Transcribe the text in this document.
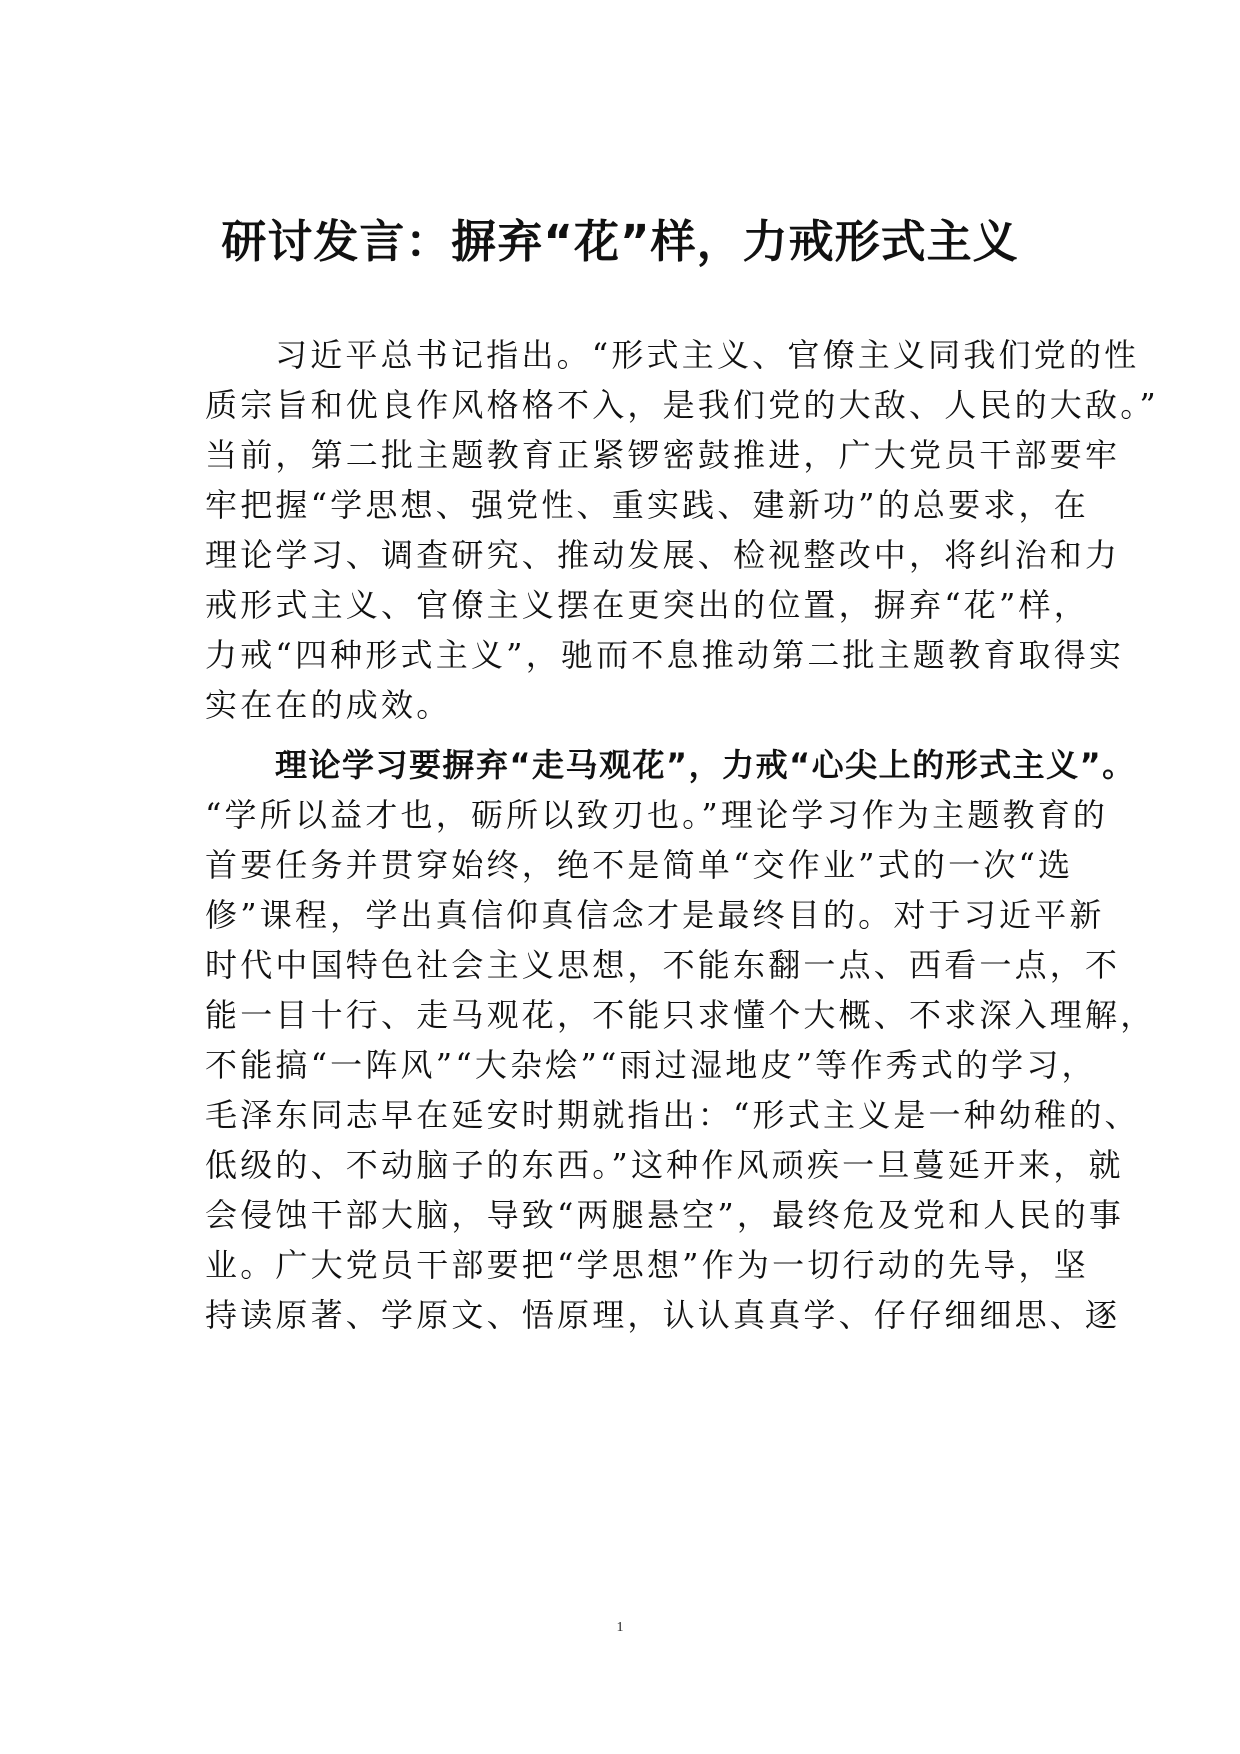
研讨发言：摒弃“花”样，力戒形式主义
习近平总书记指出。“形式主义、官僚主义同我们党的性
质宗旨和优良作风格格不入，是我们党的大敌、人民的大敌。”
当前，第二批主题教育正紧锣密鼓推进，广大党员干部要牢
牢把握“学思想、强党性、重实践、建新功”的总要求，在
理论学习、调查研究、推动发展、检视整改中，将纠治和力
戒形式主义、官僚主义摆在更突出的位置，摒弃“花”样，
力戒“四种形式主义”，驰而不息推动第二批主题教育取得实
实在在的成效。
理论学习要摒弃“走马观花”，力戒“心尖上的形式主义”。
“学所以益才也，砺所以致刃也。”理论学习作为主题教育的
首要任务并贯穿始终，绝不是简单“交作业”式的一次“选
修”课程，学出真信仰真信念才是最终目的。对于习近平新
时代中国特色社会主义思想，不能东翻一点、西看一点，不
能一目十行、走马观花，不能只求懂个大概、不求深入理解，
不能搞“一阵风”“大杂烩”“雨过湿地皮”等作秀式的学习，
毛泽东同志早在延安时期就指出：“形式主义是一种幼稚的、
低级的、不动脑子的东西。”这种作风顽疾一旦蔓延开来，就
会侵蚀干部大脑，导致“两腿悬空”，最终危及党和人民的事
业。广大党员干部要把“学思想”作为一切行动的先导，坚
持读原著、学原文、悟原理，认认真真学、仔仔细细思、逐
1
